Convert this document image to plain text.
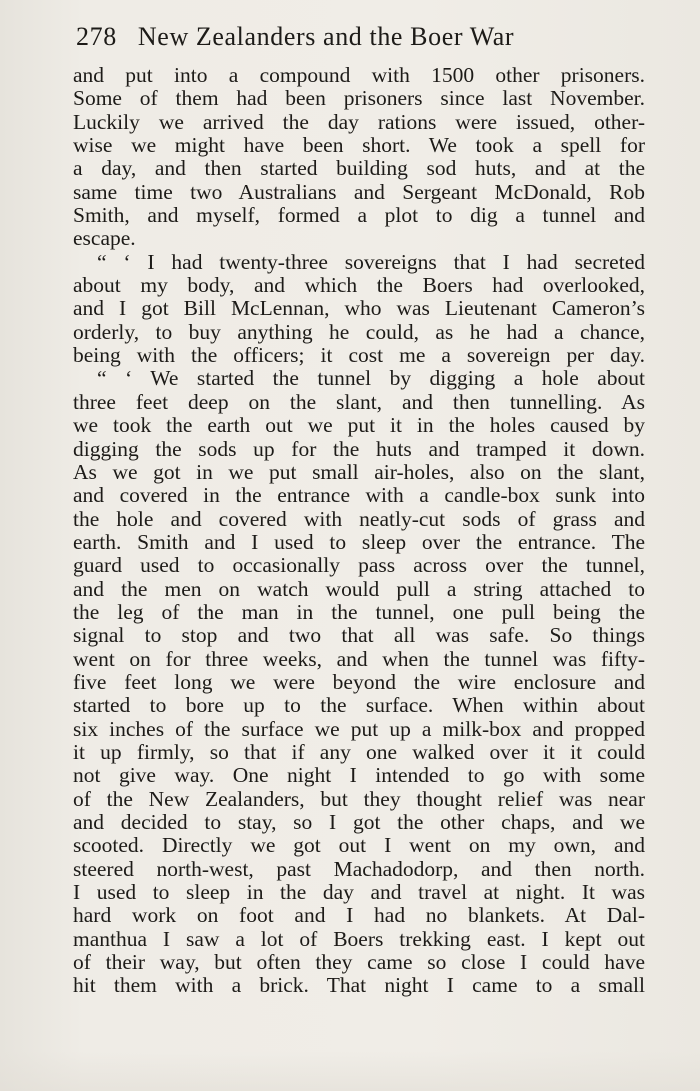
278 New Zealanders and the Boer War
and put into a compound with 1500 other prisoners.
Some of them had been prisoners since last November.
Luckily we arrived the day rations were issued, other-
wise we might have been short. We took a spell for
a day, and then started building sod huts, and at the
same time two Australians and Sergeant McDonald, Rob
Smith, and myself, formed a plot to dig a tunnel and
escape.
“ ‘ I had twenty-three sovereigns that I had secreted
about my body, and which the Boers had overlooked,
and I got Bill McLennan, who was Lieutenant Cameron’s
orderly, to buy anything he could, as he had a chance,
being with the officers; it cost me a sovereign per day.
“ ‘ We started the tunnel by digging a hole about
three feet deep on the slant, and then tunnelling. As
we took the earth out we put it in the holes caused by
digging the sods up for the huts and tramped it down.
As we got in we put small air-holes, also on the slant,
and covered in the entrance with a candle-box sunk into
the hole and covered with neatly-cut sods of grass and
earth. Smith and I used to sleep over the entrance. The
guard used to occasionally pass across over the tunnel,
and the men on watch would pull a string attached to
the leg of the man in the tunnel, one pull being the
signal to stop and two that all was safe. So things
went on for three weeks, and when the tunnel was fifty-
five feet long we were beyond the wire enclosure and
started to bore up to the surface. When within about
six inches of the surface we put up a milk-box and propped
it up firmly, so that if any one walked over it it could
not give way. One night I intended to go with some
of the New Zealanders, but they thought relief was near
and decided to stay, so I got the other chaps, and we
scooted. Directly we got out I went on my own, and
steered north-west, past Machadodorp, and then north.
I used to sleep in the day and travel at night. It was
hard work on foot and I had no blankets. At Dal-
manthua I saw a lot of Boers trekking east. I kept out
of their way, but often they came so close I could have
hit them with a brick. That night I came to a small
